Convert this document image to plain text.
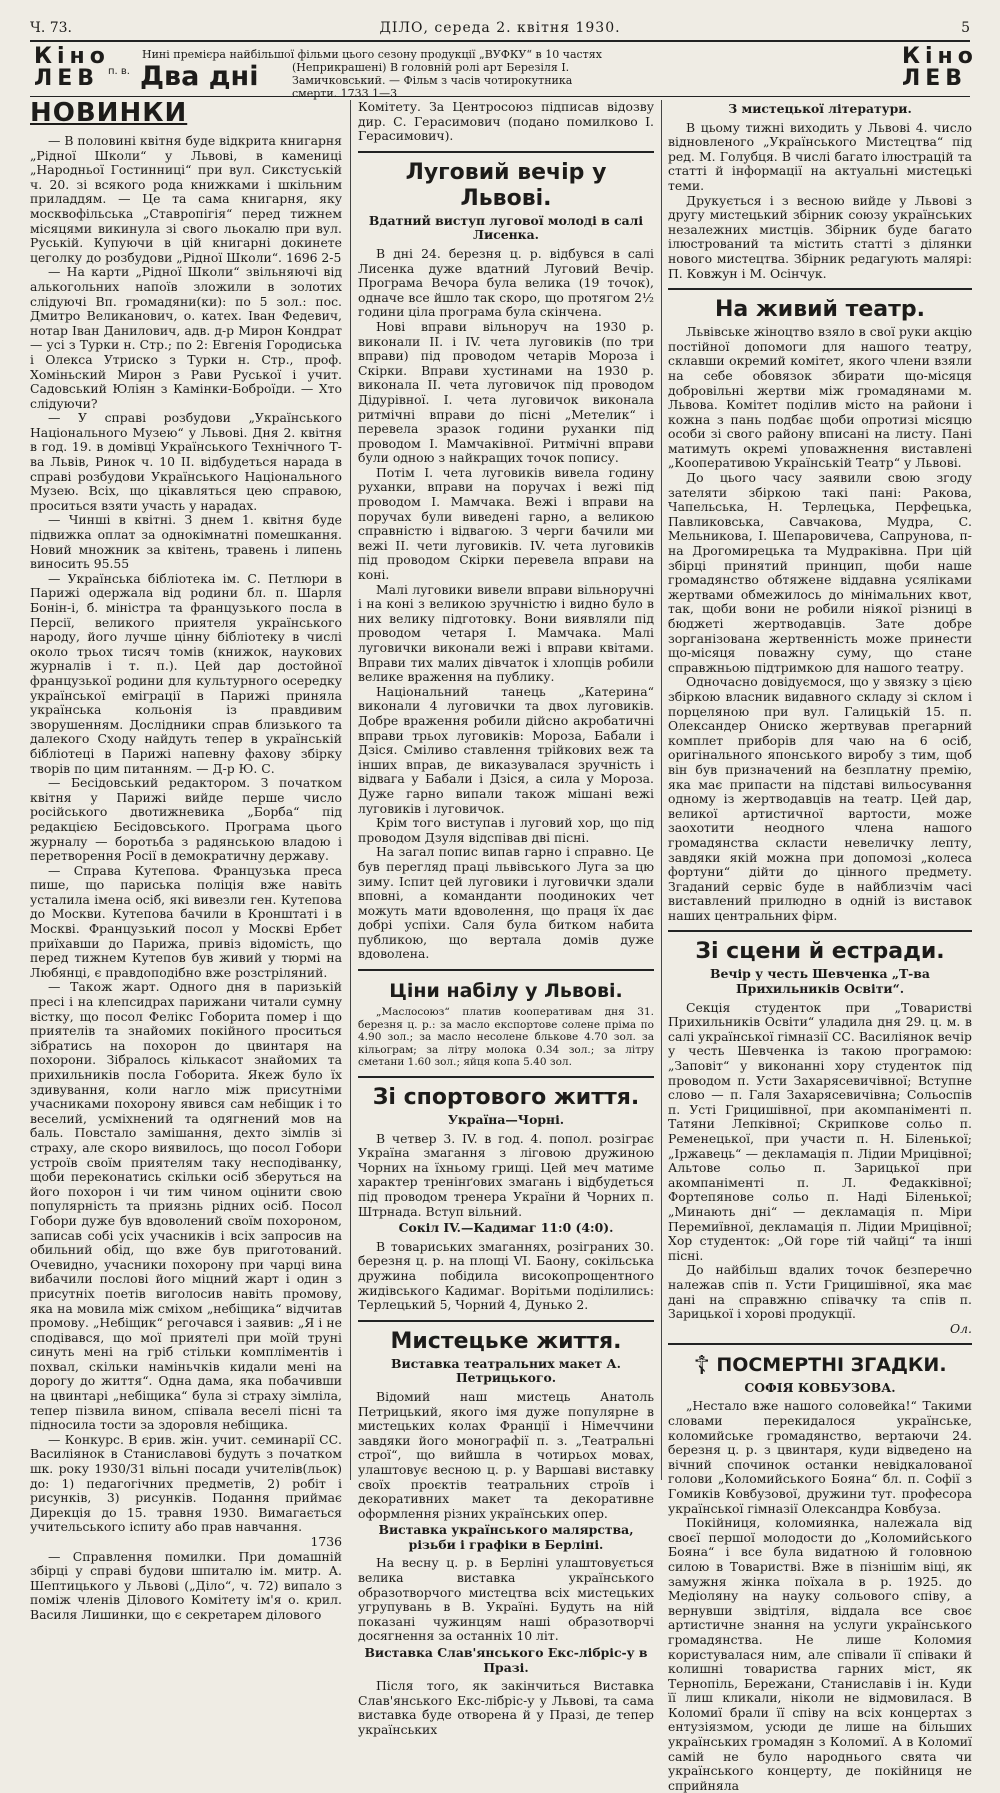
Ч. 73.	ДІЛО, середа 2. квітня 1930.	5
Кіно
ЛЕВ
Кіно
ЛЕВ
п. в. Два дні
Нині премієра найбільшої фільми цього сезону продукції „ВУФКУ“ в 10 частях
(Неприкрашені) В головній ролі арт Березіля І. Замичковський. — Фільм з часів чотирокутника смерти. 1733 1—3
НОВИНКИ

— В половині квітня буде відкрита книгарня „Рідної Школи“ у Львові, в камениці „Народньої Гостинниці“ при вул. Сикстуській ч. 20. зі всякого рода книжками і шкільним приладдям. — Це та сама книгарня, яку москвофільська „Ставропігія“ перед тижнем місяцями викинула зі свого льокалю при вул. Руській. Купуючи в цій книгарні докинете цеголку до розбудови „Рідної Школи“. 1696 2-5

— На карти „Рідної Школи“ звільняючі від алькогольних напоїв зложили в золотих слідуючі Вп. громадяни(ки): по 5 зол.: пос. Дмитро Великанович, о. катех. Іван Федевич, нотар Іван Данилович, адв. д-р Мирон Кондрат — усі з Турки н. Стр.; по 2: Евгенія Городиська і Олекса Утриско з Турки н. Стр., проф. Хоміньский Мирон з Рави Руської і учит. Садовський Юліян з Камінки-Боброїди. — Хто слідуючи?

— У справі розбудови „Українського Національного Музею“ у Львові. Дня 2. квітня в год. 19. в домівці Українського Технічного Т-ва Львів, Ринок ч. 10 II. відбудеться нарада в справі розбудови Українського Національного Музею. Всіх, що цікавляться цею справою, проситься взяти участь у нарадах.

— Чинші в квітні. З днем 1. квітня буде підвижка оплат за однокімнатні помешкання. Новий множник за квітень, травень і липень виносить 95.55

— Українська бібліотека ім. С. Петлюри в Парижі одержала від родини бл. п. Шарля Бонін-і, б. міністра та французького посла в Персії, великого приятеля українського народу, його лучше цінну бібліотеку в числі около трьох тисяч томів (книжок, наукових журналів і т. п.). Цей дар достойної французької родини для культурного осередку української еміграції в Парижі приняла українська кольонія із правдивим зворушенням. Дослідники справ близького та далекого Сходу найдуть тепер в українській бібліотеці в Парижі напевну фахову збірку творів по цим питанням. — Д-р Ю. С.

— Бесідовський редактором. З початком квітня у Парижі вийде перше число російського двотижневика „Борба“ під редакцією Бесідовського. Програма цього журналу — боротьба з радянською владою і перетворення Росії в демократичну державу.

— Справа Кутепова. Французька преса пише, що париська поліція вже навіть усталила імена осіб, які вивезли ген. Кутепова до Москви. Кутепова бачили в Кронштаті і в Москві. Французький посол у Москві Ербет приїхавши до Парижа, привіз відомість, що перед тижнем Кутепов був живий у тюрмі на Любянці, є правдоподібно вже розстріляний.

— Також жарт. Одного дня в паризькій пресі і на клепсидрах парижани читали сумну вістку, що посол Фелікс Гоборита помер і що приятелів та знайомих покійного проситься зібратись на похорон до цвинтаря на похорони. Зібралось кількасот знайомих та прихильників посла Гоборита. Якеж було їх здивування, коли нагло між присутніми учасниками похорону явився сам небіщик і то веселий, усміхнений та одягнений мов на баль. Повстало замішання, дехто зімлів зі страху, але скоро виявилось, що посол Гобори устроїв своїм приятелям таку несподіванку, щоби переконатись скільки осіб зберуться на його похорон і чи тим чином оцінити свою популярність та приязнь рідних осіб. Посол Гобори дуже був вдоволений своїм похороном, записав собі усіх учасників і всіх запросив на обильний обід, що вже був приготований. Очевидно, учасники похорону при чарці вина вибачили послові його міцний жарт і один з присутніх поетів виголосив навіть промову, яка на мовила між сміхом „небіщика“ відчитав промову. „Небіщик“ регочався і заявив: „Я і не сподівався, що мої приятелі при моїй труні синуть мені на гріб стільки компліментів і похвал, скільки наміньчків кидали мені на дорогу до життя“. Одна дама, яка побачивши на цвинтарі „небіщика“ була зі страху зімліла, тепер пізвила вином, співала веселі пісні та підносила тости за здоровля небіщика.

— Конкурс. В єрив. жін. учит. семинарії СС. Василіянок в Станиславові будуть з початком шк. року 1930/31 вільні посади учителів(льок) до: 1) педагогічних предметів, 2) робіт і рисунків, 3) рисунків. Подання приймає Дирекція до 15. травня 1930. Вимагається учительського іспиту або прав навчання.

1736

— Справлення помилки. При домашній збірці у справі будови шпиталю ім. митр. А. Шептицького у Львові („Діло“, ч. 72) випало з поміж членів Ділового Комітету ім'я о. крил. Василя Лишинки, що є секретарем ділового

Комітету. За Центросоюз підписав відозву дир. С. Герасимович (подано помилково І. Герасимович).

Луговий вечір у Львові.

Вдатний виступ лугової молоді в салі Лисенка.

В дні 24. березня ц. р. відбувся в салі Лисенка дуже вдатний Луговий Вечір. Програма Вечора була велика (19 точок), одначе все йшло так скоро, що протягом 2½ години ціла програма була скінчена.

Нові вправи вільноруч на 1930 р. виконали ІІ. і ІV. чета луговиків (по три вправи) під проводом четарів Мороза і Скірки. Вправи хустинами на 1930 р. виконала ІІ. чета луговичок під проводом Дідурівної. І. чета луговичок виконала ритмічні вправи до пісні „Метелик“ і перевела зразок години руханки під проводом І. Мамчаківної. Ритмічні вправи були одною з найкращих точок попису.

Потім І. чета луговиків вивела годину руханки, вправи на поручах і вежі під проводом І. Мамчака. Вежі і вправи на поручах були виведені гарно, а великою справністю і відвагою. З черги бачили ми вежі ІІ. чети луговиків. ІV. чета луговиків під проводом Скірки перевела вправи на коні.

Малі луговики вивели вправи вільноручні і на коні з великою зручністю і видно було в них велику підготовку. Вони виявляли під проводом четаря І. Мамчака. Малі луговички виконали вежі і вправи квітами. Вправи тих малих дівчаток і хлопців робили велике враження на публику.

Національний танець „Катерина“ виконали 4 луговички та двох луговиків. Добре враження робили дійсно акробатичні вправи трьох луговиків: Мороза, Бабали і Дзіся. Сміливо ставлення трійкових веж та інших вправ, де виказувалася зручність і відвага у Бабали і Дзіся, а сила у Мороза. Дуже гарно випали також мішані вежі луговиків і луговичок.

Крім того виступав і луговий хор, що під проводом Дзуля відспівав дві пісні.

На загал попис випав гарно і справно. Це був перегляд праці львівського Луга за цю зиму. Іспит цей луговики і луговички здали вповні, а команданти поодиноких чет можуть мати вдоволення, що праця їх дає добрі успіхи. Саля була битком набита публикою, що вертала домів дуже вдоволена.

Ціни набілу у Львові.

„Маслосоюз“ платив кооперативам дня 31. березня ц. р.: за масло експортове солене пріма по 4.90 зол.; за масло несолене блькове 4.70 зол. за кільограм; за літру молока 0.34 зол.; за літру сметани 1.60 зол.; яйця копа 5.40 зол.

Зі спортового життя.

Україна—Чорні.

В четвер 3. IV. в год. 4. попол. розіграє Україна змагання з ліговою дружиною Чорних на їхньому грищі. Цей меч матиме характер тренінґових змагань і відбудеться під проводом тренера України й Чорних п. Штрнада. Вступ вільний.

Сокіл IV.—Кадимаг 11:0 (4:0).

В товариських змаганнях, розіграних 30. березня ц. р. на площі VI. Баону, сокільська дружина побідила високопрощентного жидівського Кадимаг. Ворітьми поділились: Терлецький 5, Чорний 4, Дунько 2.

Мистецьке життя.

Виставка театральних макет А. Петрицького.

Відомий наш мистець Анатоль Петрицький, якого імя дуже популярне в мистецьких колах Франції і Німеччини завдяки його монографії п. з. „Театральні строї“, що вийшла в чотирьох мовах, улаштовує весною ц. р. у Варшаві виставку своїх проєктів театральних строїв і декоративних макет та декоративне оформлення різних українських опер.

Виставка українського малярства, різьби і графіки в Берліні.

На весну ц. р. в Берліні улаштовується велика виставка українського образотворчого мистецтва всіх мистецьких угрупувань в В. Україні. Будуть на ній показані чужинцям наші образотворчі досягнення за останніх 10 літ.

Виставка Слав'янського Екс-лібріс-у в Празі.

Після того, як закінчиться Виставка Слав'янського Екс-лібріс-у у Львові, та сама виставка буде отворена й у Празі, де тепер українських

З мистецької літератури.

В цьому тижні виходить у Львові 4. число відновленого „Українського Мистецтва“ під ред. М. Голубця. В числі багато ілюстрацій та статті й інформації на актуальні мистецькі теми.

Друкується і з весною вийде у Львові з другу мистецький збірник союзу українських незалежних мистців. Збірник буде багато ілюстрований та містить статті з ділянки нового мистецтва. Збірник редагують малярі: П. Ковжун і М. Осінчук.

На живий театр.

Львівське жіноцтво взяло в свої руки акцію постійної допомоги для нашого театру, склавши окремий комітет, якого члени взяли на себе обовязок збирати що-місяця добровільні жертви між громадянами м. Львова. Комітет поділив місто на райони і кожна з пань подбає щоби опротизі місяцю особи зі свого району вписані на листу. Пані матимуть окремі уповажнення виставлені „Кооперативою Українській Театр“ у Львові.

До цього часу заявили свою згоду зателяти збіркою такі пані: Ракова, Чапельська, Н. Терлецька, Перфецька, Павликовська, Савчакова, Мудра, С. Мельникова, І. Шепаровичева, Сапрунова, п-на Дрогомирецька та Мудраківна. При цій збірці принятий принцип, щоби наше громадянство обтяжене віддавна усяліками жертвами обмежилось до мінімальних квот, так, щоби вони не робили ніякої різниці в бюджеті жертводавців. Зате добре зорганізована жертвенність може принести що-місяця поважну суму, що стане справжньою підтримкою для нашого театру.

Одночасно довідуємося, що у звязку з цією збіркою власник видавного складу зі склом і порцеляною при вул. Галицькій 15. п. Олександер Ониско жертвував прегарний комплет приборів для чаю на 6 осіб, оригінального японського виробу з тим, щоб він був призначений на безплатну премію, яка має припасти на підставі вильосування одному із жертводавців на театр. Цей дар, великої артистичної вартости, може заохотити неодного члена нашого громадянства скласти невеличку лепту, завдяки якій можна при допомозі „колеса фортуни“ дійти до цінного предмету. Згаданий сервіс буде в найблизчім часі виставлений прилюдно в одній із виставок наших центральних фірм.

Зі сцени й естради.

Вечір у честь Шевченка „Т-ва Прихильників Освіти“.

Секція студенток при „Товаристві Прихильників Освіти“ уладила дня 29. ц. м. в салі української гімназії СС. Василіянок вечір у честь Шевченка із такою програмою: „Заповіт“ у виконанні хору студенток під проводом п. Усти Захарясевичівної; Вступне слово — п. Галя Захарясевичівна; Сольоспів п. Усті Грицишівної, при акомпаніменті п. Татяни Лепківної; Скрипкове сольо п. Ременецької, при участи п. Н. Біленької; „Іржавець“ — декламація п. Лідии Мрицівної; Альтове сольо п. Зарицької при акомпаніменті п. Л. Федакківної; Фортепянове сольо п. Наді Біленької; „Минають дні“ — декламація п. Міри Перемиївної, декламація п. Лідии Мрицівної; Хор студенток: „Ой горе тій чайці“ та інші пісні.

До найбільш вдалих точок безперечно належав спів п. Усти Грицишівної, яка має дані на справжню співачку та спів п. Зарицької і хорові продукції.

Ол.

☦ ПОСМЕРТНІ ЗГАДКИ.

СОФІЯ КОВБУЗОВА.

„Нестало вже нашого соловейка!“ Такими словами перекидалося українське, коломийське громадянство, вертаючи 24. березня ц. р. з цвинтаря, куди відведено на вічний спочинок останки невідкалованої голови „Коломийського Бояна“ бл. п. Софії з Гомиків Ковбузової, дружини тут. професора української гімназії Олександра Ковбуза.

Покійниця, коломиянка, належала від своєї першої молодости до „Коломийського Бояна“ і все була видатною й головною силою в Товаристві. Вже в пізнішім віці, як замужня жінка поїхала в р. 1925. до Медіоляну на науку сольового співу, а вернувши звідтіля, віддала все своє артистичне знання на услуги українського громадянства. Не лише Коломия користувалася ним, але співали її співаки й колишні товариства гарних міст, як Тернопіль, Бережани, Станиславів і ін. Куди її лиш кликали, ніколи не відмовилася. В Коломиї брали її співу на всіх концертах з ентузіязмом, усюди де лише на більших українських громадян з Коломиї. А в Коломиї самій не було народнього свята чи українського концерту, де покійниця не сприйняла
